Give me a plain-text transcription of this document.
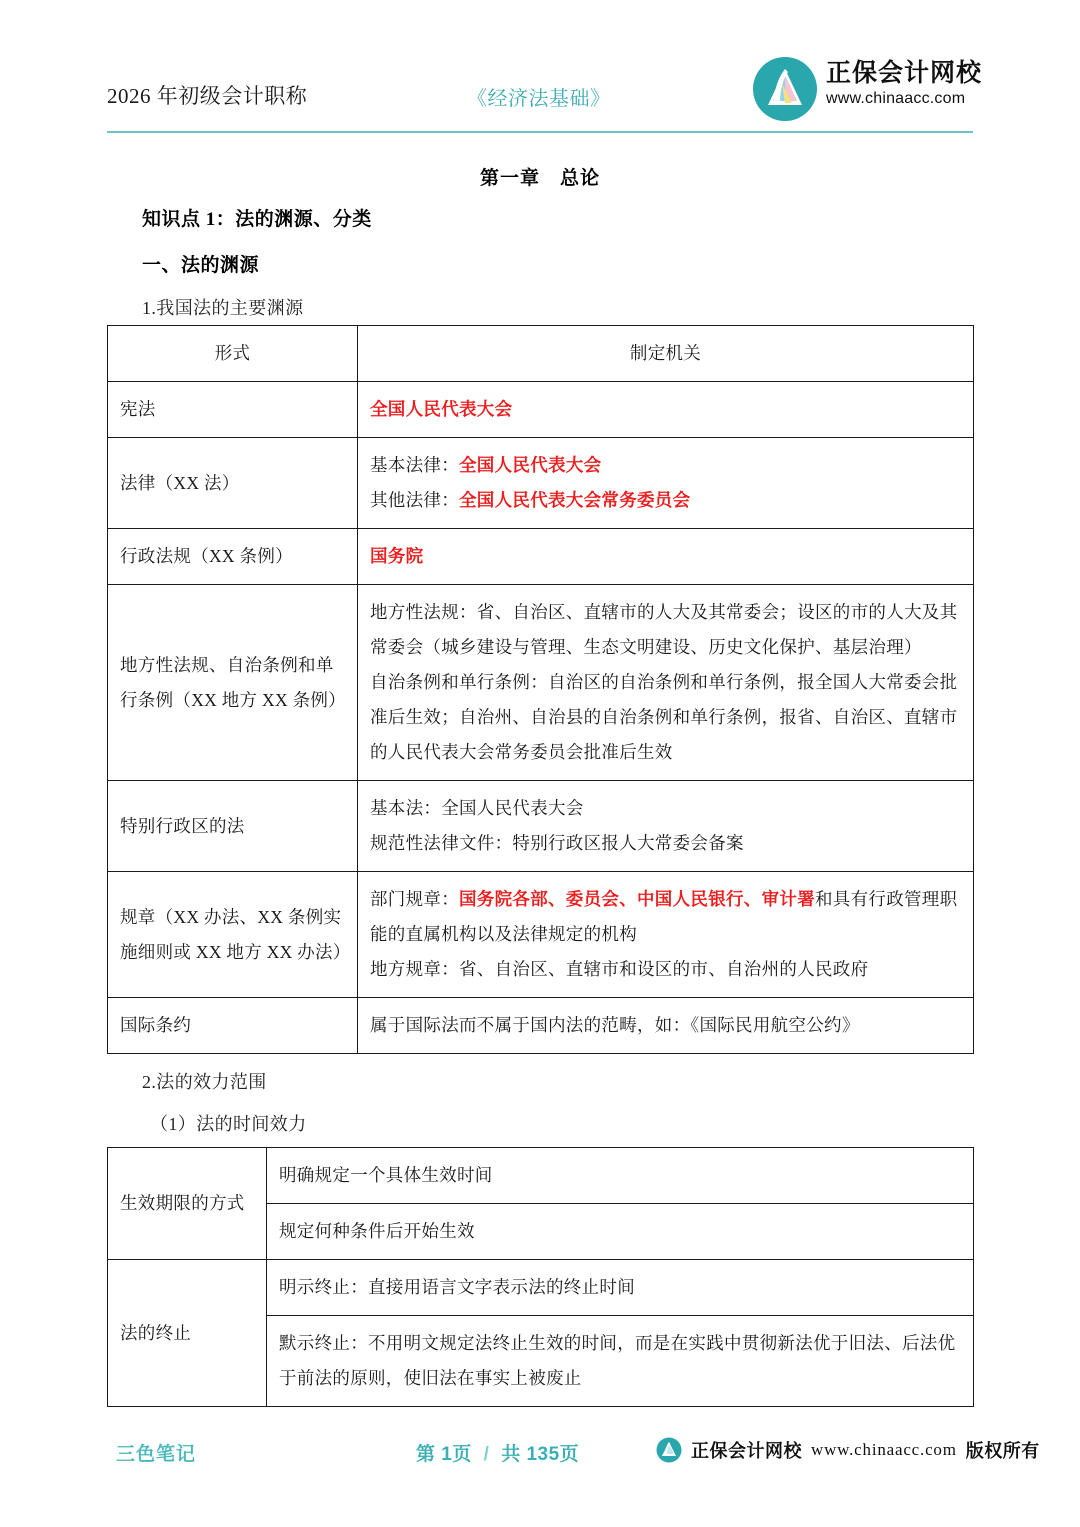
2026 年初级会计职称	《经济法基础》
正保会计网校 www.chinaacc.com
第一章　总论
知识点 1：法的渊源、分类
一、法的渊源
1.我国法的主要渊源
2.法的效力范围
（1）法的时间效力
形式	制定机关
宪法	全国人民代表大会

法律（XX 法）	基本法律：全国人民代表大会
其他法律：全国人民代表大会常务委员会

行政法规（XX 条例）	国务院

地方性法规、自治条例和单行条例（XX 地方 XX 条例）	地方性法规：省、自治区、直辖市的人大及其常委会；设区的市的人大及其常委会（城乡建设与管理、生态文明建设、历史文化保护、基层治理）
自治条例和单行条例：自治区的自治条例和单行条例，报全国人大常委会批准后生效；自治州、自治县的自治条例和单行条例，报省、自治区、直辖市的人民代表大会常务委员会批准后生效

特别行政区的法	基本法：全国人民代表大会
规范性法律文件：特别行政区报人大常委会备案

规章（XX 办法、XX 条例实施细则或 XX 地方 XX 办法）	部门规章：国务院各部、委员会、中国人民银行、审计署和具有行政管理职能的直属机构以及法律规定的机构
地方规章：省、自治区、直辖市和设区的市、自治州的人民政府

国际条约	属于国际法而不属于国内法的范畴，如：《国际民用航空公约》
生效期限的方式	明确规定一个具体生效时间
	规定何种条件后开始生效
法的终止	明示终止：直接用语言文字表示法的终止时间
	默示终止：不用明文规定法终止生效的时间，而是在实践中贯彻新法优于旧法、后法优于前法的原则，使旧法在事实上被废止
三色笔记	第 1页 / 共 135页	正保会计网校 www.chinaacc.com 版权所有
